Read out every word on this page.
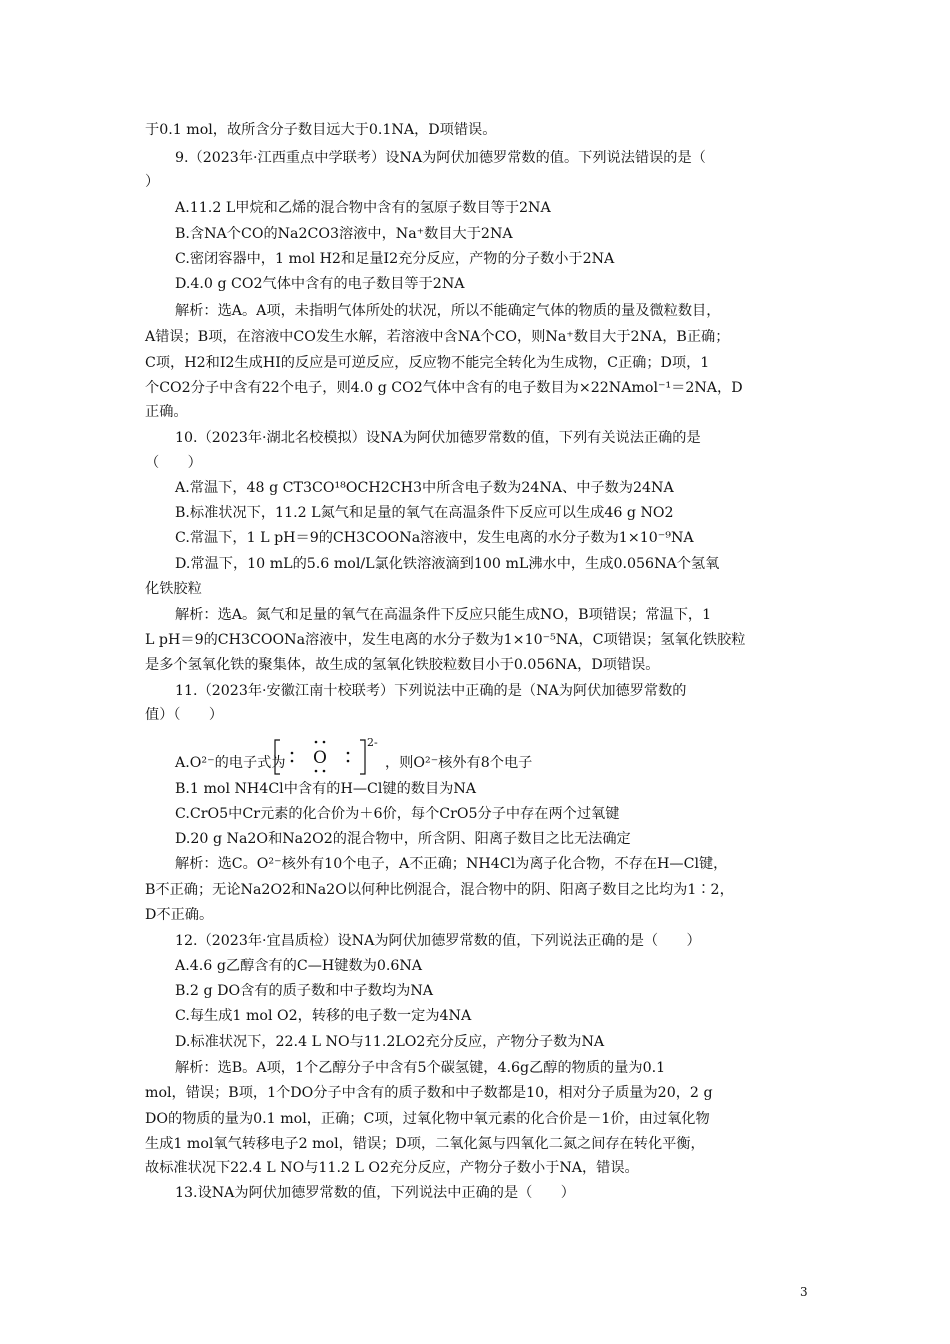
于0.1 mol，故所含分子数目远大于0.1NA，D项错误。
9.（2023年·江西重点中学联考）设NA为阿伏加德罗常数的值。下列说法错误的是（
）
A.11.2 L甲烷和乙烯的混合物中含有的氢原子数目等于2NA
B.含NA个CO的Na2CO3溶液中，Na⁺数目大于2NA
C.密闭容器中，1 mol H2和足量I2充分反应，产物的分子数小于2NA
D.4.0 g CO2气体中含有的电子数目等于2NA
解析：选A。A项，未指明气体所处的状况，所以不能确定气体的物质的量及微粒数目，
A错误；B项，在溶液中CO发生水解，若溶液中含NA个CO，则Na⁺数目大于2NA，B正确；
C项，H2和I2生成HI的反应是可逆反应，反应物不能完全转化为生成物，C正确；D项，1
个CO2分子中含有22个电子，则4.0 g CO2气体中含有的电子数目为×22NAmol⁻¹＝2NA，D
正确。
10.（2023年·湖北名校模拟）设NA为阿伏加德罗常数的值，下列有关说法正确的是
（　　）
A.常温下，48 g CT3CO¹⁸OCH2CH3中所含电子数为24NA、中子数为24NA
B.标准状况下，11.2 L氮气和足量的氧气在高温条件下反应可以生成46 g NO2
C.常温下，1 L pH＝9的CH3COONa溶液中，发生电离的水分子数为1×10⁻⁹NA
D.常温下，10 mL的5.6 mol/L氯化铁溶液滴到100 mL沸水中，生成0.056NA个氢氧
化铁胶粒
解析：选A。氮气和足量的氧气在高温条件下反应只能生成NO，B项错误；常温下，1
L pH＝9的CH3COONa溶液中，发生电离的水分子数为1×10⁻⁵NA，C项错误；氢氧化铁胶粒
是多个氢氧化铁的聚集体，故生成的氢氧化铁胶粒数目小于0.056NA，D项错误。
11.（2023年·安徽江南十校联考）下列说法中正确的是（NA为阿伏加德罗常数的
值）（　　）
A.O²⁻的电子式为	O
2-
，则O²⁻核外有8个电子
B.1 mol NH4Cl中含有的H—Cl键的数目为NA
C.CrO5中Cr元素的化合价为＋6价，每个CrO5分子中存在两个过氧键
D.20 g Na2O和Na2O2的混合物中，所含阴、阳离子数目之比无法确定
解析：选C。O²⁻核外有10个电子，A不正确；NH4Cl为离子化合物，不存在H—Cl键，
B不正确；无论Na2O2和Na2O以何种比例混合，混合物中的阴、阳离子数目之比均为1∶2，
D不正确。
12.（2023年·宜昌质检）设NA为阿伏加德罗常数的值，下列说法正确的是（　　）
A.4.6 g乙醇含有的C—H键数为0.6NA
B.2 g DO含有的质子数和中子数均为NA
C.每生成1 mol O2，转移的电子数一定为4NA
D.标准状况下，22.4 L NO与11.2LO2充分反应，产物分子数为NA
解析：选B。A项，1个乙醇分子中含有5个碳氢键，4.6g乙醇的物质的量为0.1
mol，错误；B项，1个DO分子中含有的质子数和中子数都是10，相对分子质量为20，2 g
DO的物质的量为0.1 mol，正确；C项，过氧化物中氧元素的化合价是－1价，由过氧化物
生成1 mol氧气转移电子2 mol，错误；D项，二氧化氮与四氧化二氮之间存在转化平衡，
故标准状况下22.4 L NO与11.2 L O2充分反应，产物分子数小于NA，错误。
13.设NA为阿伏加德罗常数的值，下列说法中正确的是（　　）
3
